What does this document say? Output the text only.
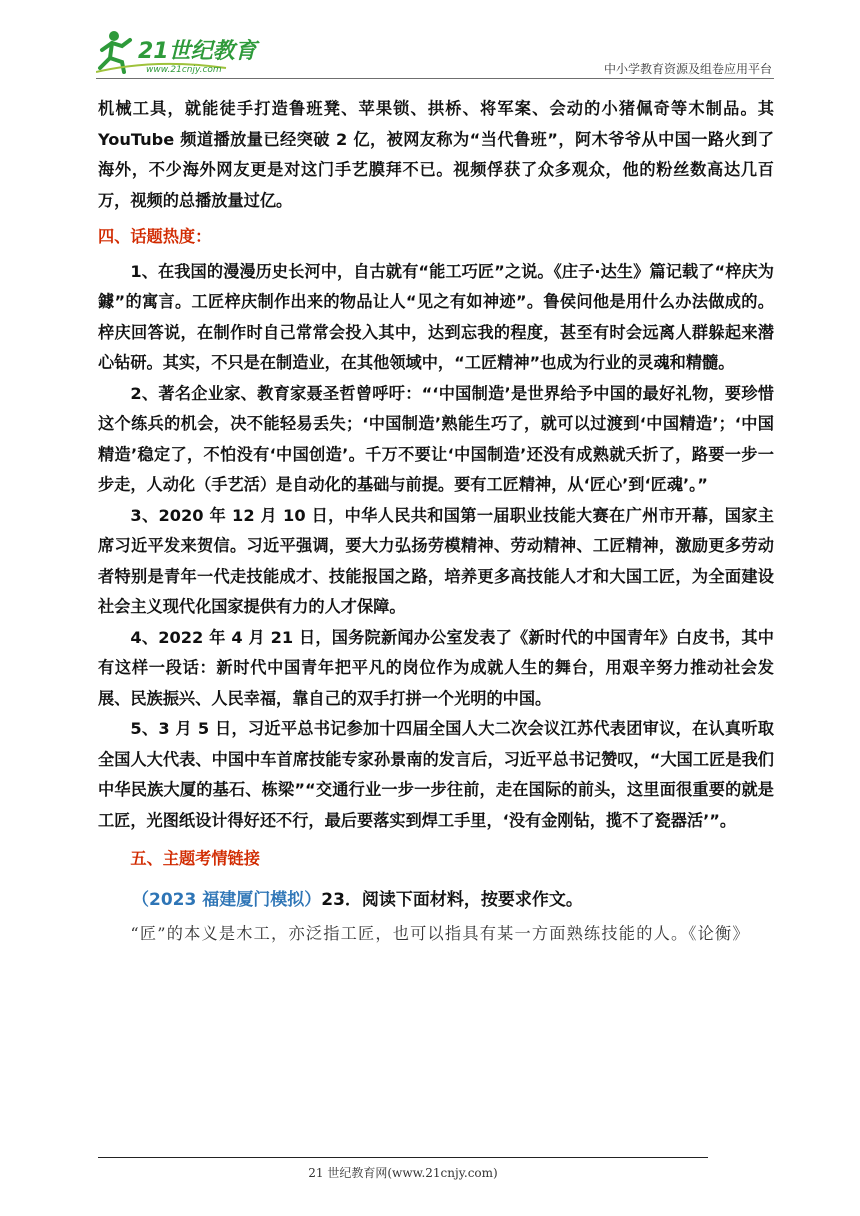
21世纪教育
www.21cnjy.com	中小学教育资源及组卷应用平台

机械工具，就能徒手打造鲁班凳、苹果锁、拱桥、将军案、会动的小猪佩奇等木制品。其 YouTube 频道播放量已经突破 2 亿，被网友称为“当代鲁班”，阿木爷爷从中国一路火到了海外，不少海外网友更是对这门手艺膜拜不已。视频俘获了众多观众，他的粉丝数高达几百万，视频的总播放量过亿。

四、话题热度：

1、在我国的漫漫历史长河中，自古就有“能工巧匠”之说。《庄子·达生》篇记载了“梓庆为鐻”的寓言。工匠梓庆制作出来的物品让人“见之有如神迹”。鲁侯问他是用什么办法做成的。梓庆回答说，在制作时自己常常会投入其中，达到忘我的程度，甚至有时会远离人群躲起来潜心钻研。其实，不只是在制造业，在其他领域中，“工匠精神”也成为行业的灵魂和精髓。

2、著名企业家、教育家聂圣哲曾呼吁：“‘中国制造’是世界给予中国的最好礼物，要珍惜这个练兵的机会，决不能轻易丢失；‘中国制造’熟能生巧了，就可以过渡到‘中国精造’；‘中国精造’稳定了，不怕没有‘中国创造’。千万不要让‘中国制造’还没有成熟就夭折了，路要一步一步走，人动化（手艺活）是自动化的基础与前提。要有工匠精神，从‘匠心’到‘匠魂’。”

3、2020 年 12 月 10 日，中华人民共和国第一届职业技能大赛在广州市开幕，国家主席习近平发来贺信。习近平强调，要大力弘扬劳模精神、劳动精神、工匠精神，激励更多劳动者特别是青年一代走技能成才、技能报国之路，培养更多高技能人才和大国工匠，为全面建设社会主义现代化国家提供有力的人才保障。

4、2022 年 4 月 21 日，国务院新闻办公室发表了《新时代的中国青年》白皮书，其中有这样一段话：新时代中国青年把平凡的岗位作为成就人生的舞台，用艰辛努力推动社会发展、民族振兴、人民幸福，靠自己的双手打拼一个光明的中国。

5、3 月 5 日，习近平总书记参加十四届全国人大二次会议江苏代表团审议，在认真听取全国人大代表、中国中车首席技能专家孙景南的发言后，习近平总书记赞叹，“大国工匠是我们中华民族大厦的基石、栋梁”“交通行业一步一步往前，走在国际的前头，这里面很重要的就是工匠，光图纸设计得好还不行，最后要落实到焊工手里，‘没有金刚钻，揽不了瓷器活’”。

五、主题考情链接

（2023 福建厦门模拟）23．阅读下面材料，按要求作文。

“匠”的本义是木工，亦泛指工匠，也可以指具有某一方面熟练技能的人。《论衡》

21 世纪教育网(www.21cnjy.com)
